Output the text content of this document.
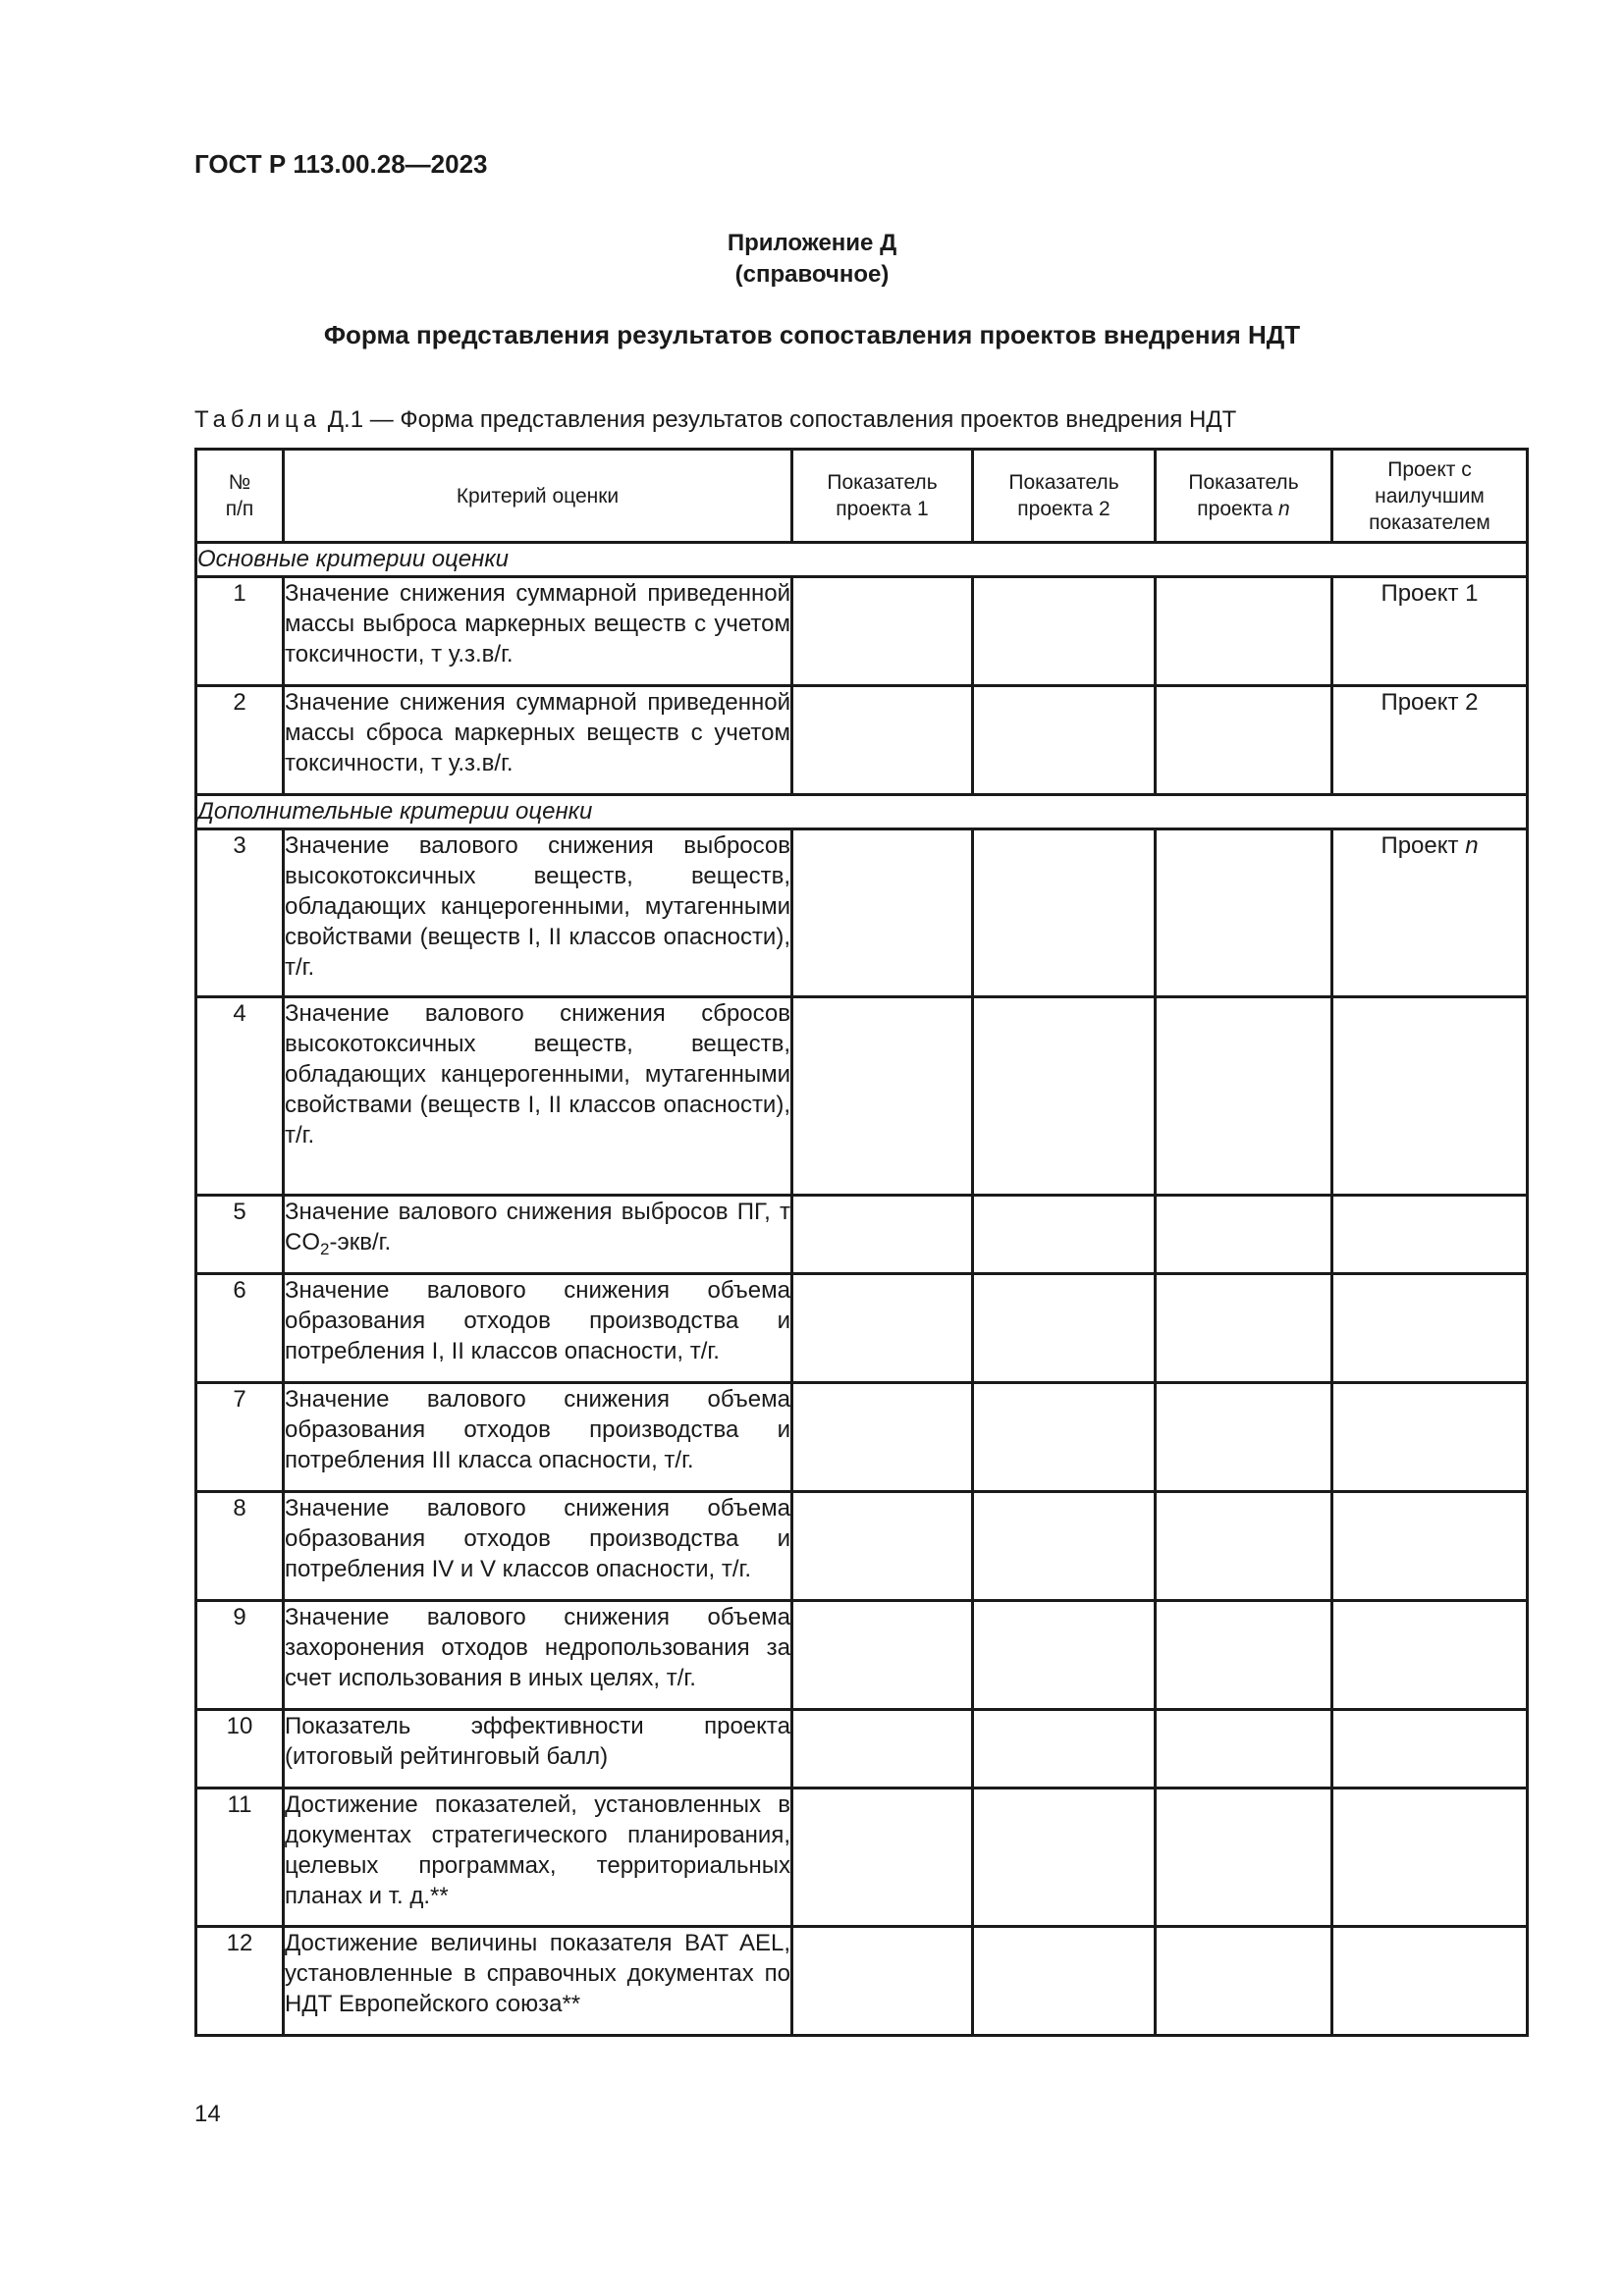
ГОСТ Р 113.00.28—2023
Приложение Д
(справочное)
Форма представления результатов сопоставления проектов внедрения НДТ
Таблица Д.1 — Форма представления результатов сопоставления проектов внедрения НДТ
№ п/п	Критерий оценки	Показатель проекта 1	Показатель проекта 2	Показатель проекта n	Проект с наилучшим показателем
Основные критерии оценки					
1	Значение снижения суммарной приведенной массы выброса маркерных веществ с учетом токсичности, т у.з.в/г.				Проект 1
2	Значение снижения суммарной приведенной массы сброса маркерных веществ с учетом токсичности, т у.з.в/г.				Проект 2
Дополнительные критерии оценки					
3	Значение валового снижения выбросов высокотоксичных веществ, веществ, обладающих канцерогенными, мутагенными свойствами (веществ I, II классов опасности), т/г.				Проект n
4	Значение валового снижения сбросов высокотоксичных веществ, веществ, обладающих канцерогенными, мутагенными свойствами (веществ I, II классов опасности), т/г.				
5	Значение валового снижения выбросов ПГ, т $CO_2-экв/г$.				
6	Значение валового снижения объема образования отходов производства и потребления I, II классов опасности, т/г.				
7	Значение валового снижения объема образования отходов производства и потребления III класса опасности, т/г.				
8	Значение валового снижения объема образования отходов производства и потребления IV и V классов опасности, т/г.				
9	Значение валового снижения объема захоронения отходов недропользования за счет использования в иных целях, т/г.				
10	Показатель эффективности проекта (итоговый рейтинговый балл)				
11	Достижение показателей, установленных в документах стратегического планирования, целевых программах, территориальных планах и т. д.**				
12	Достижение величины показателя BAT AEL, установленные в справочных документах по НДТ Европейского союза**				
14
